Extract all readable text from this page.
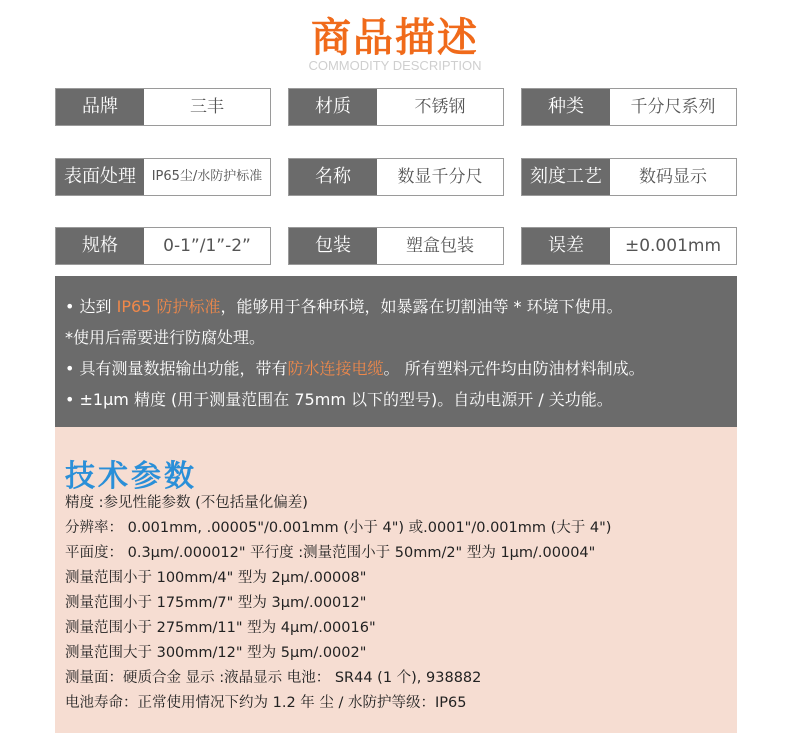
商品描述
COMMODITY DESCRIPTION
品牌	三丰	材质	不锈钢	种类	千分尺系列
表面处理	IP65尘/水防护标准	名称	数显千分尺	刻度工艺	数码显示
规格	0-1”/1”-2”	包装	塑盒包装	误差	±0.001mm
• 达到 IP65 防护标准，能够用于各种环境，如暴露在切割油等 * 环境下使用。
*使用后需要进行防腐处理。
• 具有测量数据输出功能，带有防水连接电缆。 所有塑料元件均由防油材料制成。
• ±1μm 精度 (用于测量范围在 75mm 以下的型号)。自动电源开 / 关功能。
技术参数
精度 :参见性能参数 (不包括量化偏差)
分辨率： 0.001mm, .00005"/0.001mm (小于 4") 或.0001"/0.001mm (大于 4")
平面度： 0.3μm/.000012" 平行度 :测量范围小于 50mm/2" 型为 1μm/.00004"
测量范围小于 100mm/4" 型为 2μm/.00008"
测量范围小于 175mm/7" 型为 3μm/.00012"
测量范围小于 275mm/11" 型为 4μm/.00016"
测量范围大于 300mm/12" 型为 5μm/.0002"
测量面：硬质合金 显示 :液晶显示 电池： SR44 (1 个), 938882
电池寿命：正常使用情况下约为 1.2 年 尘 / 水防护等级：IP65
